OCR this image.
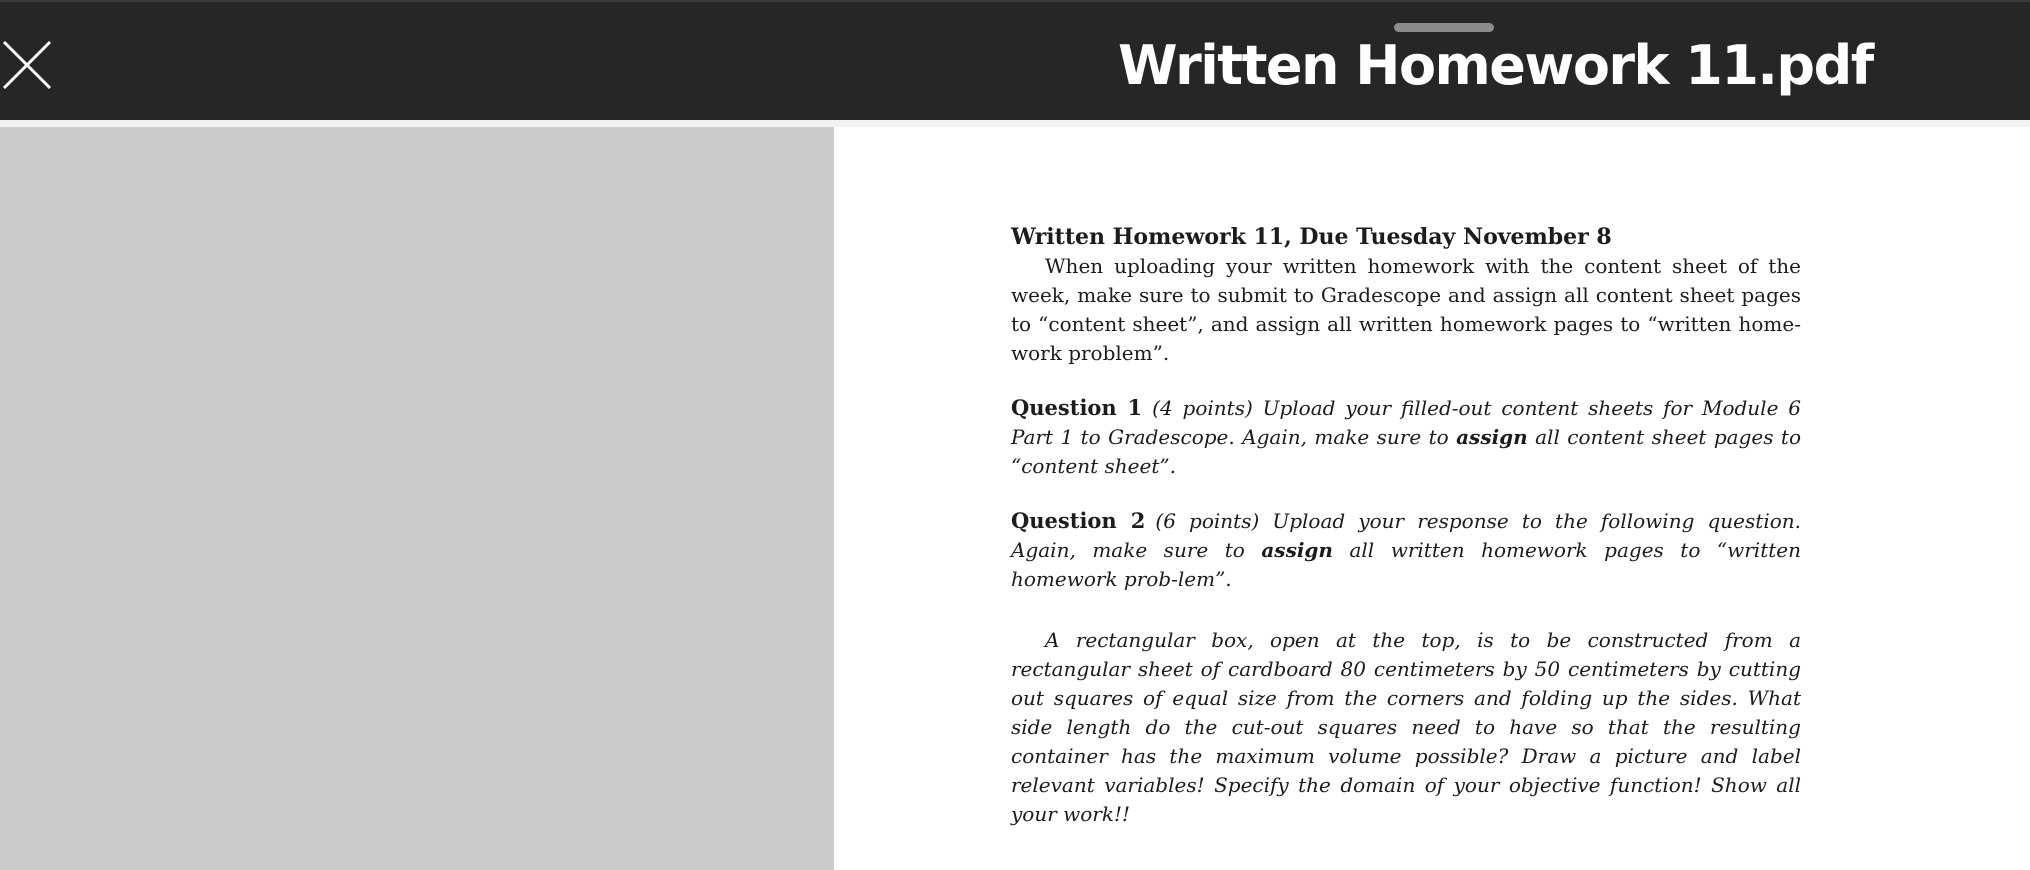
Written Homework 11.pdf

Written Homework 11, Due Tuesday November 8

When uploading your written homework with the content sheet of the week, make sure to submit to Gradescope and assign all content sheet pages to “content sheet”, and assign all written homework pages to “written home-work problem”.

Question 1 (4 points) Upload your filled-out content sheets for Module 6 Part 1 to Gradescope. Again, make sure to assign all content sheet pages to “content sheet”.

Question 2 (6 points) Upload your response to the following question. Again, make sure to assign all written homework pages to “written homework prob-lem”.

A rectangular box, open at the top, is to be constructed from a rectangular sheet of cardboard 80 centimeters by 50 centimeters by cutting out squares of equal size from the corners and folding up the sides. What side length do the cut-out squares need to have so that the resulting container has the maximum volume possible? Draw a picture and label relevant variables! Specify the domain of your objective function! Show all your work!!
